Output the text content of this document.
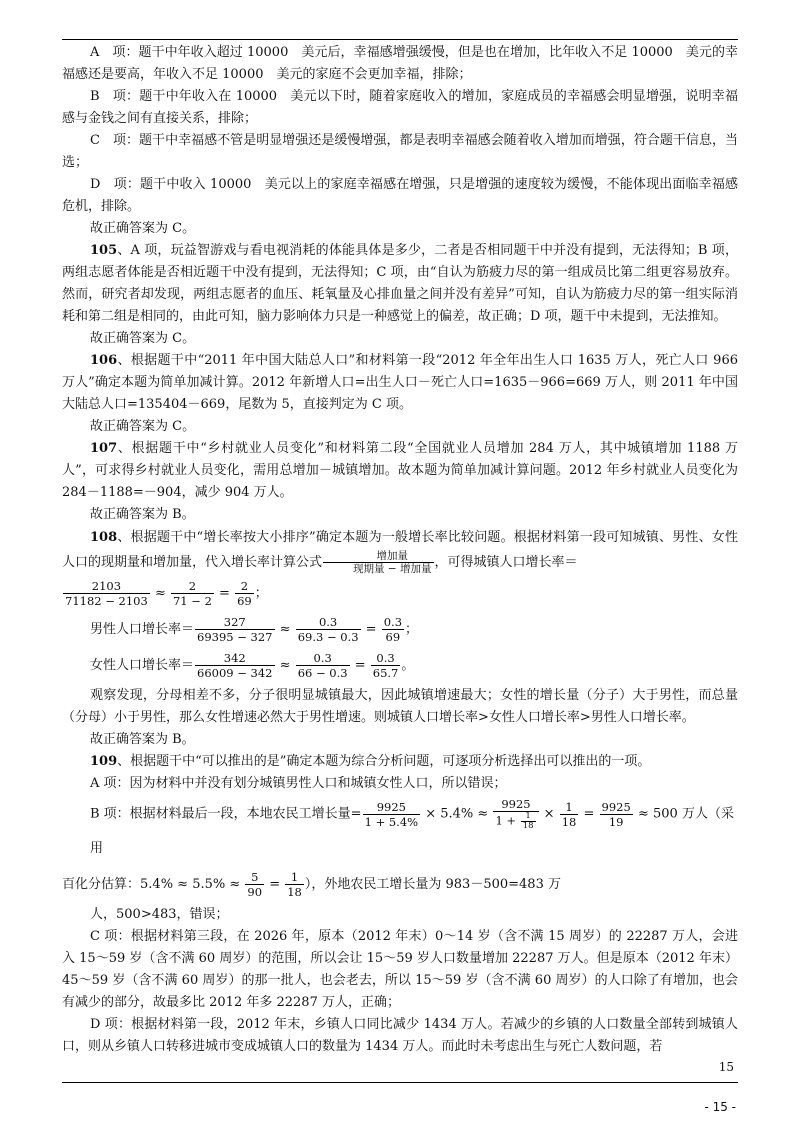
A　项：题干中年收入超过 10000　美元后，幸福感增强缓慢，但是也在增加，比年收入不足 10000　美元的幸福感还是要高，年收入不足 10000　美元的家庭不会更加幸福，排除；

B　项：题干中年收入在 10000　美元以下时，随着家庭收入的增加，家庭成员的幸福感会明显增强，说明幸福感与金钱之间有直接关系，排除；

C　项：题干中幸福感不管是明显增强还是缓慢增强，都是表明幸福感会随着收入增加而增强，符合题干信息，当选；

D　项：题干中收入 10000　美元以上的家庭幸福感在增强，只是增强的速度较为缓慢，不能体现出面临幸福感危机，排除。

故正确答案为 C。

105、A 项，玩益智游戏与看电视消耗的体能具体是多少，二者是否相同题干中并没有提到，无法得知；B 项，两组志愿者体能是否相近题干中没有提到，无法得知；C 项，由“自认为筋疲力尽的第一组成员比第二组更容易放弃。然而，研究者却发现，两组志愿者的血压、耗氧量及心排血量之间并没有差异”可知，自认为筋疲力尽的第一组实际消耗和第二组是相同的，由此可知，脑力影响体力只是一种感觉上的偏差，故正确；D 项，题干中未提到，无法推知。

故正确答案为 C。

106、根据题干中“2011 年中国大陆总人口”和材料第一段“2012 年全年出生人口 1635 万人，死亡人口 966 万人”确定本题为简单加减计算。2012 年新增人口=出生人口－死亡人口=1635－966=669 万人，则 2011 年中国大陆总人口=135404－669，尾数为 5，直接判定为 C 项。

故正确答案为 C。

107、根据题干中“乡村就业人员变化”和材料第二段“全国就业人员增加 284 万人，其中城镇增加 1188 万人”，可求得乡村就业人员变化，需用总增加－城镇增加。故本题为简单加减计算问题。2012 年乡村就业人员变化为 284－1188=－904，减少 904 万人。

故正确答案为 B。

108、根据题干中“增长率按大小排序”确定本题为一般增长率比较问题。根据材料第一段可知城镇、男性、女性人口的现期量和增加量，代入增长率计算公式 $\frac{\text{增加量}}{\text{现期量 − 增加量}}$ ，可得城镇人口增长率＝

$\frac{2103}{71182 - 2103} \approx \frac{2}{71 - 2} = \frac{2}{69}$ ；
男性人口增长率＝ $\frac{327}{69395 - 327} \approx \frac{0.3}{69.3 - 0.3} = \frac{0.3}{69}$ ；
女性人口增长率＝ $\frac{342}{66009 - 342} \approx \frac{0.3}{66 - 0.3} = \frac{0.3}{65.7}$ 。

观察发现，分母相差不多，分子很明显城镇最大，因此城镇增速最大；女性的增长量（分子）大于男性，而总量（分母）小于男性，那么女性增速必然大于男性增速。则城镇人口增长率>女性人口增长率>男性人口增长率。

故正确答案为 B。

109、根据题干中“可以推出的是”确定本题为综合分析问题，可逐项分析选择出可以推出的一项。

A 项：因为材料中并没有划分城镇男性人口和城镇女性人口，所以错误；

B 项：根据材料最后一段，本地农民工增长量= $\frac{9925}{1 + 5.4\%} \times 5.4\% \approx \frac{9925}{1 + \frac{1}{18}} \times \frac{1}{18} = \frac{9925}{19} \approx 500$ 万人（采用
百化分估算：$5.4\% \approx 5.5\% \approx \frac{5}{90} = \frac{1}{18}$ ），外地农民工增长量为 983－500=483 万

人，500>483，错误；

C 项：根据材料第三段，在 2026 年，原本（2012 年末）0～14 岁（含不满 15 周岁）的 22287 万人，会进入 15～59 岁（含不满 60 周岁）的范围，所以会让 15～59 岁人口数量增加 22287 万人。但是原本（2012 年末）45～59 岁（含不满 60 周岁）的那一批人，也会老去，所以 15～59 岁（含不满 60 周岁）的人口除了有增加，也会有减少的部分，故最多比 2012 年多 22287 万人，正确；

D 项：根据材料第一段，2012 年末，乡镇人口同比减少 1434 万人。若减少的乡镇的人口数量全部转到城镇人口，则从乡镇人口转移进城市变成城镇人口的数量为 1434 万人。而此时未考虑出生与死亡人数问题，若

15
- 15 -
